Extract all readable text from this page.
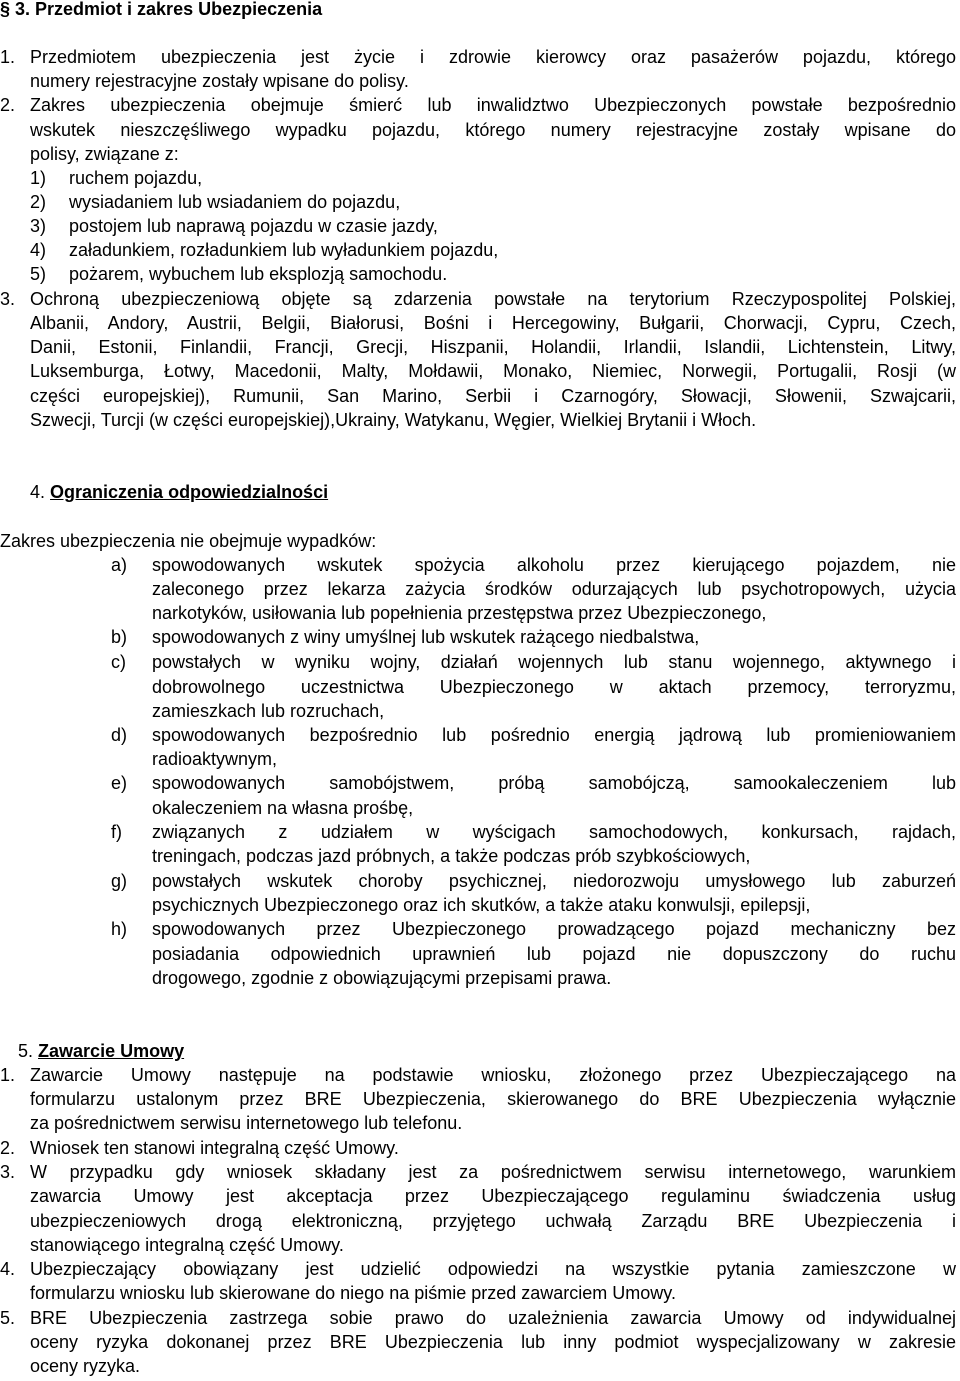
§ 3. Przedmiot i zakres Ubezpieczenia
1. Przedmiotem ubezpieczenia jest życie i zdrowie kierowcy oraz pasażerów pojazdu, którego
numery rejestracyjne zostały wpisane do polisy.
2. Zakres ubezpieczenia obejmuje śmierć lub inwalidztwo Ubezpieczonych powstałe bezpośrednio
wskutek nieszczęśliwego wypadku pojazdu, którego numery rejestracyjne zostały wpisane do
polisy, związane z:
1) ruchem pojazdu,
2) wysiadaniem lub wsiadaniem do pojazdu,
3) postojem lub naprawą pojazdu w czasie jazdy,
4) załadunkiem, rozładunkiem lub wyładunkiem pojazdu,
5) pożarem, wybuchem lub eksplozją samochodu.
3. Ochroną ubezpieczeniową objęte są zdarzenia powstałe na terytorium Rzeczypospolitej Polskiej,
Albanii, Andory, Austrii, Belgii, Białorusi, Bośni i Hercegowiny, Bułgarii, Chorwacji, Cypru, Czech,
Danii, Estonii, Finlandii, Francji, Grecji, Hiszpanii, Holandii, Irlandii, Islandii, Lichtenstein, Litwy,
Luksemburga, Łotwy, Macedonii, Malty, Mołdawii, Monako, Niemiec, Norwegii, Portugalii, Rosji (w
części europejskiej), Rumunii, San Marino, Serbii i Czarnogóry, Słowacji, Słowenii, Szwajcarii,
Szwecji, Turcji (w części europejskiej),Ukrainy, Watykanu, Węgier, Wielkiej Brytanii i Włoch.
4. Ograniczenia odpowiedzialności
Zakres ubezpieczenia nie obejmuje wypadków:
a) spowodowanych wskutek spożycia alkoholu przez kierującego pojazdem, nie
zaleconego przez lekarza zażycia środków odurzających lub psychotropowych, użycia
narkotyków, usiłowania lub popełnienia przestępstwa przez Ubezpieczonego,
b) spowodowanych z winy umyślnej lub wskutek rażącego niedbalstwa,
c) powstałych w wyniku wojny, działań wojennych lub stanu wojennego, aktywnego i
dobrowolnego uczestnictwa Ubezpieczonego w aktach przemocy, terroryzmu,
zamieszkach lub rozruchach,
d) spowodowanych bezpośrednio lub pośrednio energią jądrową lub promieniowaniem
radioaktywnym,
e) spowodowanych samobójstwem, próbą samobójczą, samookaleczeniem lub
okaleczeniem na własna prośbę,
f) związanych z udziałem w wyścigach samochodowych, konkursach, rajdach,
treningach, podczas jazd próbnych, a także podczas prób szybkościowych,
g) powstałych wskutek choroby psychicznej, niedorozwoju umysłowego lub zaburzeń
psychicznych Ubezpieczonego oraz ich skutków, a także ataku konwulsji, epilepsji,
h) spowodowanych przez Ubezpieczonego prowadzącego pojazd mechaniczny bez
posiadania odpowiednich uprawnień lub pojazd nie dopuszczony do ruchu
drogowego, zgodnie z obowiązującymi przepisami prawa.
5. Zawarcie Umowy
1. Zawarcie Umowy następuje na podstawie wniosku, złożonego przez Ubezpieczającego na
formularzu ustalonym przez BRE Ubezpieczenia, skierowanego do BRE Ubezpieczenia wyłącznie
za pośrednictwem serwisu internetowego lub telefonu.
2. Wniosek ten stanowi integralną część Umowy.
3. W przypadku gdy wniosek składany jest za pośrednictwem serwisu internetowego, warunkiem
zawarcia Umowy jest akceptacja przez Ubezpieczającego regulaminu świadczenia usług
ubezpieczeniowych drogą elektroniczną, przyjętego uchwałą Zarządu BRE Ubezpieczenia i
stanowiącego integralną część Umowy.
4. Ubezpieczający obowiązany jest udzielić odpowiedzi na wszystkie pytania zamieszczone w
formularzu wniosku lub skierowane do niego na piśmie przed zawarciem Umowy.
5. BRE Ubezpieczenia zastrzega sobie prawo do uzależnienia zawarcia Umowy od indywidualnej
oceny ryzyka dokonanej przez BRE Ubezpieczenia lub inny podmiot wyspecjalizowany w zakresie
oceny ryzyka.
